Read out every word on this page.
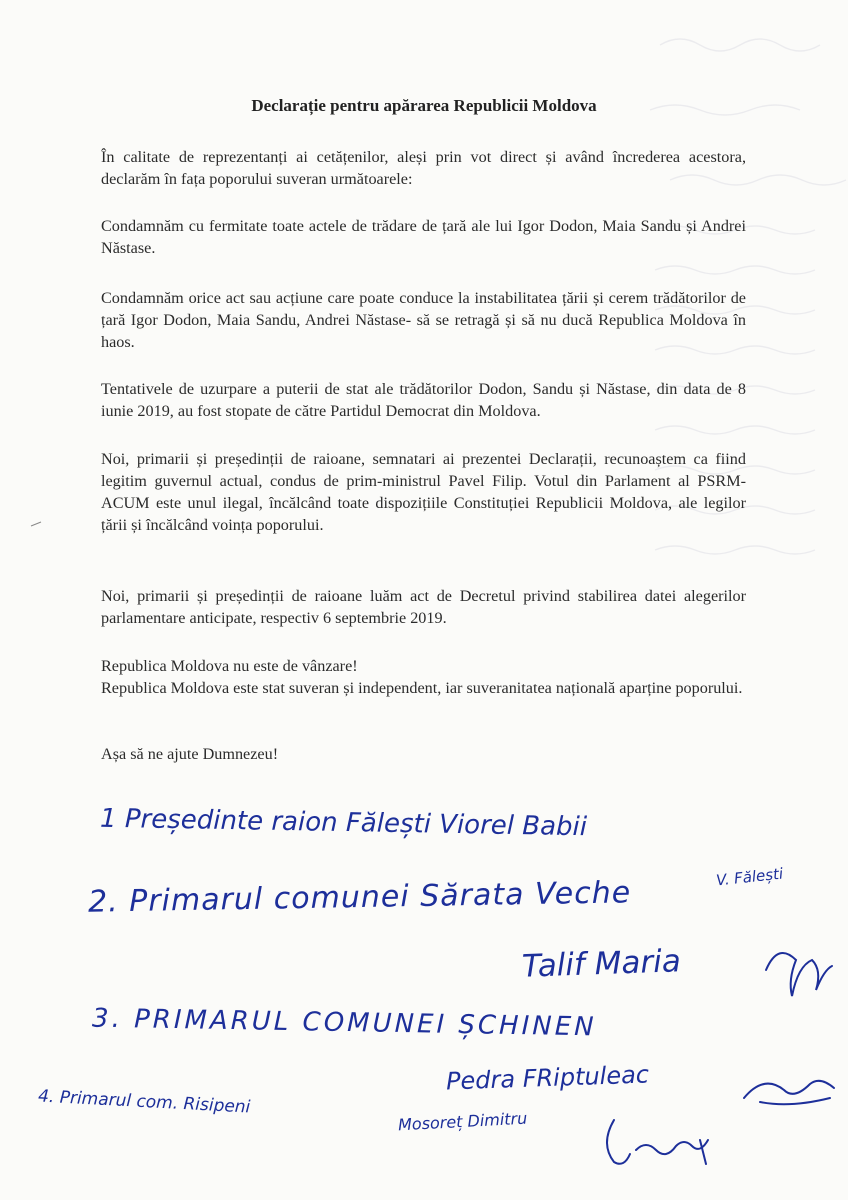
Declarație pentru apărarea Republicii Moldova
În calitate de reprezentanți ai cetățenilor, aleși prin vot direct și având încrederea acestora, declarăm în fața poporului suveran următoarele:
Condamnăm cu fermitate toate actele de trădare de țară ale lui Igor Dodon, Maia Sandu și Andrei Năstase.
Condamnăm orice act sau acțiune care poate conduce la instabilitatea țării și cerem trădătorilor de țară Igor Dodon, Maia Sandu, Andrei Năstase- să se retragă și să nu ducă Republica Moldova în haos.
Tentativele de uzurpare a puterii de stat ale trădătorilor Dodon, Sandu și Năstase, din data de 8 iunie 2019, au fost stopate de către Partidul Democrat din Moldova.
Noi, primarii și președinții de raioane, semnatari ai prezentei Declarații, recunoaștem ca fiind legitim guvernul actual, condus de prim-ministrul Pavel Filip. Votul din Parlament al PSRM-ACUM este unul ilegal, încălcând toate dispozițiile Constituției Republicii Moldova, ale legilor țării și încălcând voința poporului.
Noi, primarii și președinții de raioane luăm act de Decretul privind stabilirea datei alegerilor parlamentare anticipate, respectiv 6 septembrie 2019.
Republica Moldova nu este de vânzare!
Republica Moldova este stat suveran și independent, iar suveranitatea națională aparține poporului.
Așa să ne ajute Dumnezeu!
1 Președinte raion Fălești Viorel Babii
2. Primarul comunei Sărata Veche	V. Fălești
Talif Maria
3. PRIMARUL COMUNEI ȘCHINEN
4. Primarul com. Risipeni
Pedra FRiptuleac
Mosoreț Dimitru
